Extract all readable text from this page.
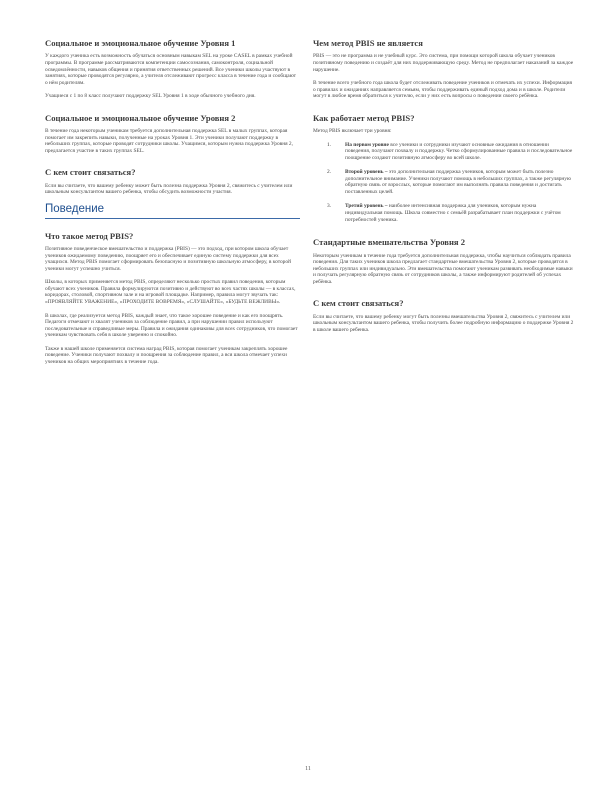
Социальное и эмоциональное обучение Уровня 1

У каждого ученика есть возможность обучаться основным навыкам SEL на уроке CASEL в рамках учебной программы. В программе рассматриваются компетенции самосознания, самоконтроля, социальной осведомлённости, навыков общения и принятия ответственных решений. Все ученики школы участвуют в занятиях, которые проводятся регулярно, а учителя отслеживают прогресс класса в течение года и сообщают о нём родителям.

Учащиеся с 1 по 8 класс получают поддержку SEL Уровня 1 в ходе обычного учебного дня.

Социальное и эмоциональное обучение Уровня 2

В течение года некоторым ученикам требуется дополнительная поддержка SEL в малых группах, которая помогает им закрепить навыки, полученные на уроках Уровня 1. Эти ученики получают поддержку в небольших группах, которые проводят сотрудники школы. Учащимся, которым нужна поддержка Уровня 2, предлагается участие в таких группах SEL.

С кем стоит связаться?

Если вы считаете, что вашему ребенку может быть полезна поддержка Уровня 2, свяжитесь с учителем или школьным консультантом вашего ребенка, чтобы обсудить возможности участия.

Поведение
Что такое метод PBIS?

Позитивное поведенческое вмешательство и поддержка (PBIS) — это подход, при котором школа обучает учеников ожидаемому поведению, поощряет его и обеспечивает единую систему поддержки для всех учащихся. Метод PBIS помогает сформировать безопасную и позитивную школьную атмосферу, в которой ученики могут успешно учиться.

Школы, в которых применяется метод PBIS, определяют несколько простых правил поведения, которым обучают всех учеников. Правила формулируются позитивно и действуют во всех частях школы — в классах, коридорах, столовой, спортивном зале и на игровой площадке. Например, правила могут звучать так: «ПРОЯВЛЯЙТЕ УВАЖЕНИЕ», «ПРОХОДИТЕ ВОВРЕМЯ», «СЛУШАЙТЕ», «БУДЬТЕ ВЕЖЛИВЫ».

В школах, где реализуется метод PBIS, каждый знает, что такое хорошее поведение и как его поощрять. Педагоги отмечают и хвалят учеников за соблюдение правил, а при нарушении правил используют последовательные и справедливые меры. Правила и ожидания одинаковы для всех сотрудников, что помогает ученикам чувствовать себя в школе уверенно и спокойно.

Также в нашей школе применяется система наград PBIS, которая помогает ученикам закреплять хорошее поведение. Ученики получают похвалу и поощрения за соблюдение правил, а вся школа отмечает успехи учеников на общих мероприятиях в течение года.

Чем метод PBIS не является

PBIS — это не программа и не учебный курс. Это система, при помощи которой школа обучает учеников позитивному поведению и создаёт для них поддерживающую среду. Метод не предполагает наказаний за каждое нарушение.

В течение всего учебного года школа будет отслеживать поведение учеников и отмечать их успехи. Информация о правилах и ожиданиях направляется семьям, чтобы поддерживать единый подход дома и в школе. Родители могут в любое время обратиться к учителю, если у них есть вопросы о поведении своего ребёнка.

Как работает метод PBIS?

Метод PBIS включает три уровня:

1.	На первом уровне все ученики и сотрудники изучают основные ожидания в отношении поведения, получают похвалу и поддержку. Четко сформулированные правила и последовательное поощрение создают позитивную атмосферу во всей школе.
2.	Второй уровень – это дополнительная поддержка учеников, которым может быть полезно дополнительное внимание. Ученики получают помощь в небольших группах, а также регулярную обратную связь от взрослых, которые помогают им выполнять правила поведения и достигать поставленных целей.
3.	Третий уровень – наиболее интенсивная поддержка для учеников, которым нужна индивидуальная помощь. Школа совместно с семьёй разрабатывает план поддержки с учётом потребностей ученика.
Стандартные вмешательства Уровня 2

Некоторым ученикам в течение года требуется дополнительная поддержка, чтобы научиться соблюдать правила поведения. Для таких учеников школа предлагает стандартные вмешательства Уровня 2, которые проводятся в небольших группах или индивидуально. Эти вмешательства помогают ученикам развивать необходимые навыки и получать регулярную обратную связь от сотрудников школы, а также информируют родителей об успехах ребёнка.

С кем стоит связаться?

Если вы считаете, что вашему ребенку могут быть полезны вмешательства Уровня 2, свяжитесь с учителем или школьным консультантом вашего ребенка, чтобы получить более подробную информацию о поддержке Уровня 2 в школе вашего ребенка.

11
